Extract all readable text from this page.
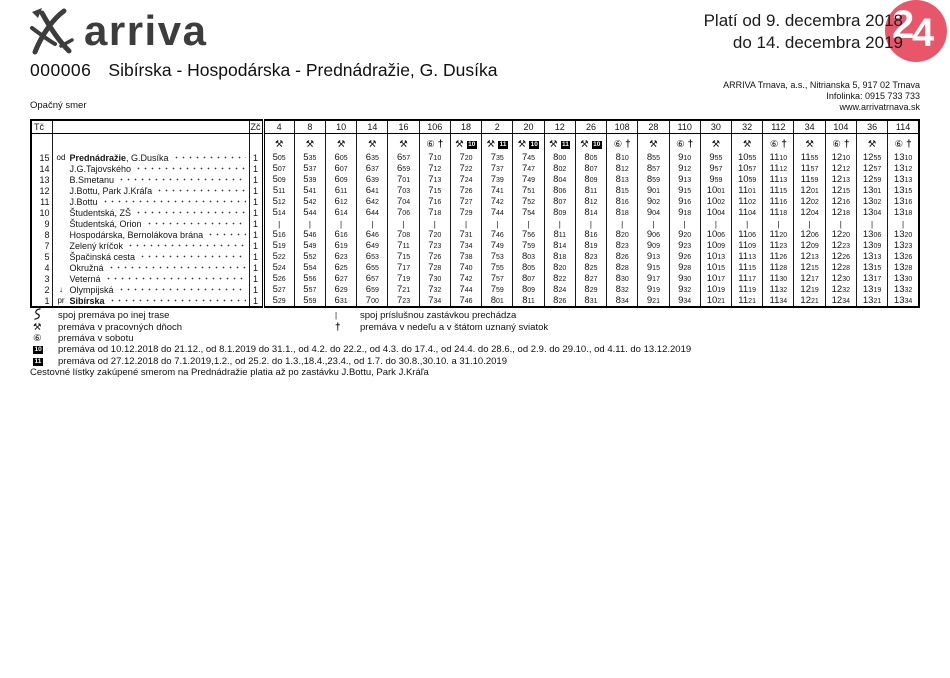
arriva	2
4
Platí od 9. decembra 2018
do 14. decembra 2019
000006 Sibírska - Hospodárska - Prednádražie, G. Dusíka
ARRIVA Trnava, a.s., Nitrianska 5, 917 02 Trnava
Infolinka: 0915 733 733
www.arrivatrnava.sk
Opačný smer
Tč		Zč	4	8	10	14	16	106	18	2	20	12	26	108	28	110	30	32	112	34	104	36	114
			⚒	⚒	⚒	⚒	⚒	⑥ †	⚒ 10	⚒ 11	⚒ 10	⚒ 11	⚒ 10	⑥ †	⚒	⑥ †	⚒	⚒	⑥ †	⚒	⑥ †	⚒	⑥ †
15	od Prednádražie, G.Dusíka	1	505	535	605	635	657	710	720	735	745	800	805	810	855	910	955	1055	1110	1155	1210	1255	1310
14	J.G.Tajovského	1	507	537	607	637	659	712	722	737	747	802	807	812	857	912	957	1057	1112	1157	1212	1257	1312
13	B.Smetanu	1	509	539	609	639	701	713	724	739	749	804	809	813	859	913	959	1059	1113	1159	1213	1259	1313
12	J.Bottu, Park J.Kráľa	1	511	541	611	641	703	715	726	741	751	806	811	815	901	915	1001	1101	1115	1201	1215	1301	1315
11	J.Bottu	1	512	542	612	642	704	716	727	742	752	807	812	816	902	916	1002	1102	1116	1202	1216	1302	1316
10	Študentská, ZŠ	1	514	544	614	644	706	718	729	744	754	809	814	818	904	918	1004	1104	1118	1204	1218	1304	1318
9	Študentská, Orion	1	|	|	|	|	|	|	|	|	|	|	|	|	|	|	|	|	|	|	|	|	|
8	Hospodárska, Bernolákova brána	1	516	546	616	646	708	720	731	746	756	811	816	820	906	920	1006	1106	1120	1206	1220	1306	1320
7	Zelený kríčok	1	519	549	619	649	711	723	734	749	759	814	819	823	909	923	1009	1109	1123	1209	1223	1309	1323
5	Špačinská cesta	1	522	552	623	653	715	726	738	753	803	818	823	826	913	926	1013	1113	1126	1213	1226	1313	1326
4	Okružná	1	524	554	625	655	717	728	740	755	805	820	825	828	915	928	1015	1115	1128	1215	1228	1315	1328
3	Veterná	1	526	556	627	657	719	730	742	757	807	822	827	830	917	930	1017	1117	1130	1217	1230	1317	1330
2	↓ Olympijská	1	527	557	629	659	721	732	744	759	809	824	829	832	919	932	1019	1119	1132	1219	1232	1319	1332
1	pr Sibírska	1	529	559	631	700	723	734	746	801	811	826	831	834	921	934	1021	1121	1134	1221	1234	1321	1334
spoj premáva po inej trase
⚒	premáva v pracovných dňoch
⑥	premáva v sobotu
|	spoj príslušnou zastávkou prechádza
†	premáva v nedeľu a v štátom uznaný sviatok
10	premáva od 10.12.2018 do 21.12., od 8.1.2019 do 31.1., od 4.2. do 22.2., od 4.3. do 17.4., od 24.4. do 28.6., od 2.9. do 29.10., od 4.11. do 13.12.2019
11	premáva od 27.12.2018 do 7.1.2019,1.2., od 25.2. do 1.3.,18.4.,23.4., od 1.7. do 30.8.,30.10. a 31.10.2019
Cestovné lístky zakúpené smerom na Prednádražie platia až po zastávku J.Bottu, Park J.Kráľa
